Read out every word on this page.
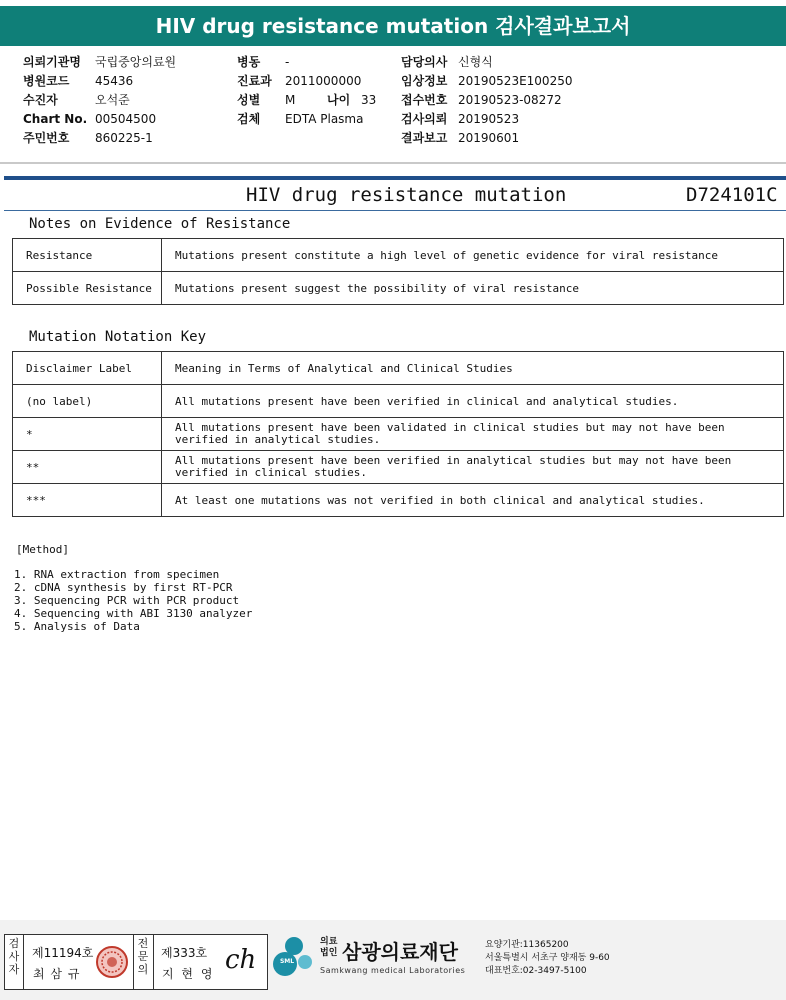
HIV drug resistance mutation 검사결과보고서
의뢰기관명 국립중앙의료원
병원코드 45436
수진자	오석준
Chart No. 00504500
주민번호 860225-1
병동 -
진료과 2011000000
성별 M	나이 33
검체 EDTA Plasma
담당의사 신형식
임상정보 20190523E100250
접수번호 20190523-08272
검사의뢰 20190523
결과보고 20190601
HIV drug resistance mutation	D724101C
Notes on Evidence of Resistance
Resistance	Mutations present constitute a high level of genetic evidence for viral resistance
Possible Resistance	Mutations present suggest the possibility of viral resistance
Mutation Notation Key
Disclaimer Label	Meaning in Terms of Analytical and Clinical Studies
(no label)	All mutations present have been verified in clinical and analytical studies.
*	All mutations present have been validated in clinical studies but may not have been verified in analytical studies.
**	All mutations present have been verified in analytical studies but may not have been verified in clinical studies.
***	At least one mutations was not verified in both clinical and analytical studies.
[Method]
1. RNA extraction from specimen
2. cDNA synthesis by first RT-PCR
3. Sequencing PCR with PCR product
4. Sequencing with ABI 3130 analyzer
5. Analysis of Data
검사자
제11194호
최 삼 규
전문의
제333호
지 현 영 ch	SML
의료
법인 삼광의료재단
Samkwang medical Laboratories
요양기관:11365200
서울특별시 서초구 양재동 9-60
대표번호:02-3497-5100
